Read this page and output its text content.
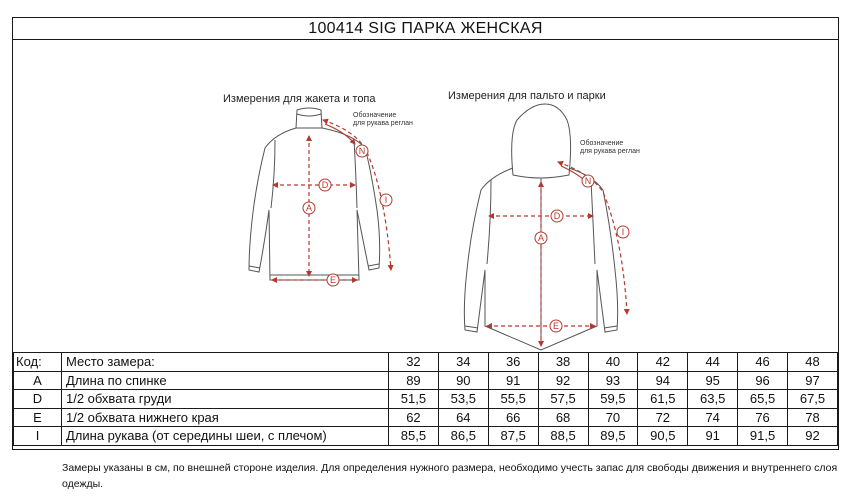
100414 SIG ПАРКА ЖЕНСКАЯ
A
D
E
I
N
A
D
E
I
N
Измерения для жакета и топа	Измерения для пальто и парки
Обозначение
для рукава реглан
Обозначение
для рукава реглан
Код:	Место замера:	32	34	36	38	40	42	44	46	48
A	Длина по спинке	89	90	91	92	93	94	95	96	97
D	1/2 обхвата груди	51,5	53,5	55,5	57,5	59,5	61,5	63,5	65,5	67,5
E	1/2 обхвата нижнего края	62	64	66	68	70	72	74	76	78
I	Длина рукава (от середины шеи, с плечом)	85,5	86,5	87,5	88,5	89,5	90,5	91	91,5	92
Замеры указаны в см, по внешней стороне изделия. Для определения нужного размера, необходимо учесть запас для свободы движения и внутреннего слоя одежды.
